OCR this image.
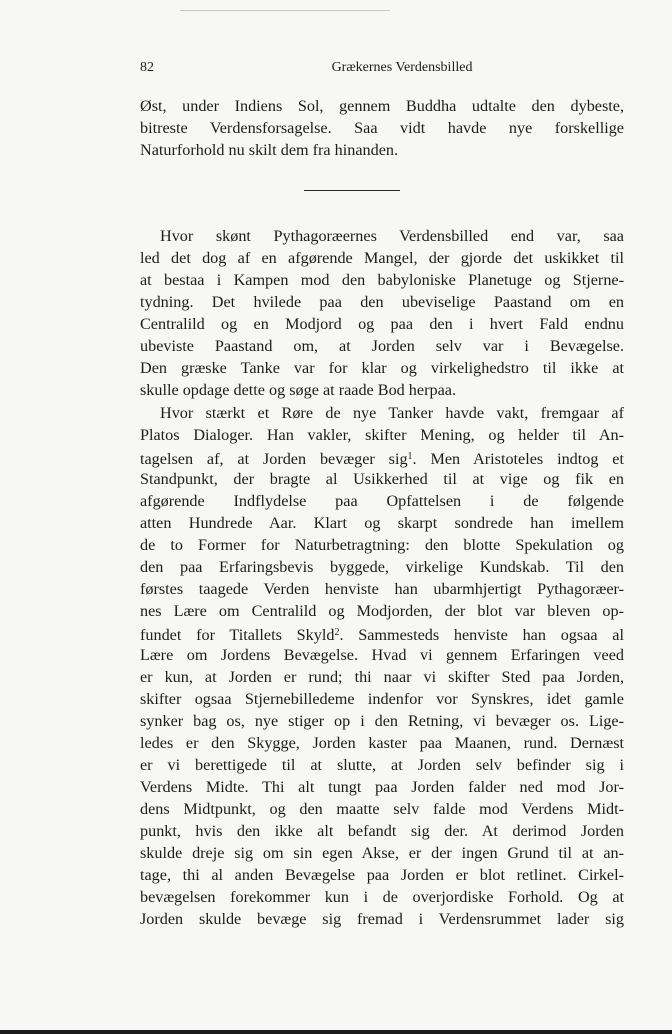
82	Grækernes Verdensbilled
Øst, under Indiens Sol, gennem Buddha udtalte den dybeste,
bitreste Verdensforsagelse. Saa vidt havde nye forskellige
Naturforhold nu skilt dem fra hinanden.
Hvor skønt Pythagoræernes Verdensbilled end var, saa
led det dog af en afgørende Mangel, der gjorde det uskikket til
at bestaa i Kampen mod den babyloniske Planetuge og Stjerne-
tydning. Det hvilede paa den ubeviselige Paastand om en
Centralild og en Modjord og paa den i hvert Fald endnu
ubeviste Paastand om, at Jorden selv var i Bevægelse.
Den græske Tanke var for klar og virkelighedstro til ikke at
skulle opdage dette og søge at raade Bod herpaa.
Hvor stærkt et Røre de nye Tanker havde vakt, fremgaar af
Platos Dialoger. Han vakler, skifter Mening, og helder til An-
tagelsen af, at Jorden bevæger sig$^1$. Men Aristoteles indtog et
Standpunkt, der bragte al Usikkerhed til at vige og fik en
afgørende Indflydelse paa Opfattelsen i de følgende
atten Hundrede Aar. Klart og skarpt sondrede han imellem
de to Former for Naturbetragtning: den blotte Spekulation og
den paa Erfaringsbevis byggede, virkelige Kundskab. Til den
førstes taagede Verden henviste han ubarmhjertigt Pythagoræer-
nes Lære om Centralild og Modjorden, der blot var bleven op-
fundet for Titallets Skyld$^2$. Sammesteds henviste han ogsaa al
Lære om Jordens Bevægelse. Hvad vi gennem Erfaringen veed
er kun, at Jorden er rund; thi naar vi skifter Sted paa Jorden,
skifter ogsaa Stjernebilledeme indenfor vor Synskres, idet gamle
synker bag os, nye stiger op i den Retning, vi bevæger os. Lige-
ledes er den Skygge, Jorden kaster paa Maanen, rund. Dernæst
er vi berettigede til at slutte, at Jorden selv befinder sig i
Verdens Midte. Thi alt tungt paa Jorden falder ned mod Jor-
dens Midtpunkt, og den maatte selv falde mod Verdens Midt-
punkt, hvis den ikke alt befandt sig der. At derimod Jorden
skulde dreje sig om sin egen Akse, er der ingen Grund til at an-
tage, thi al anden Bevægelse paa Jorden er blot retlinet. Cirkel-
bevægelsen forekommer kun i de overjordiske Forhold. Og at
Jorden skulde bevæge sig fremad i Verdensrummet lader sig
